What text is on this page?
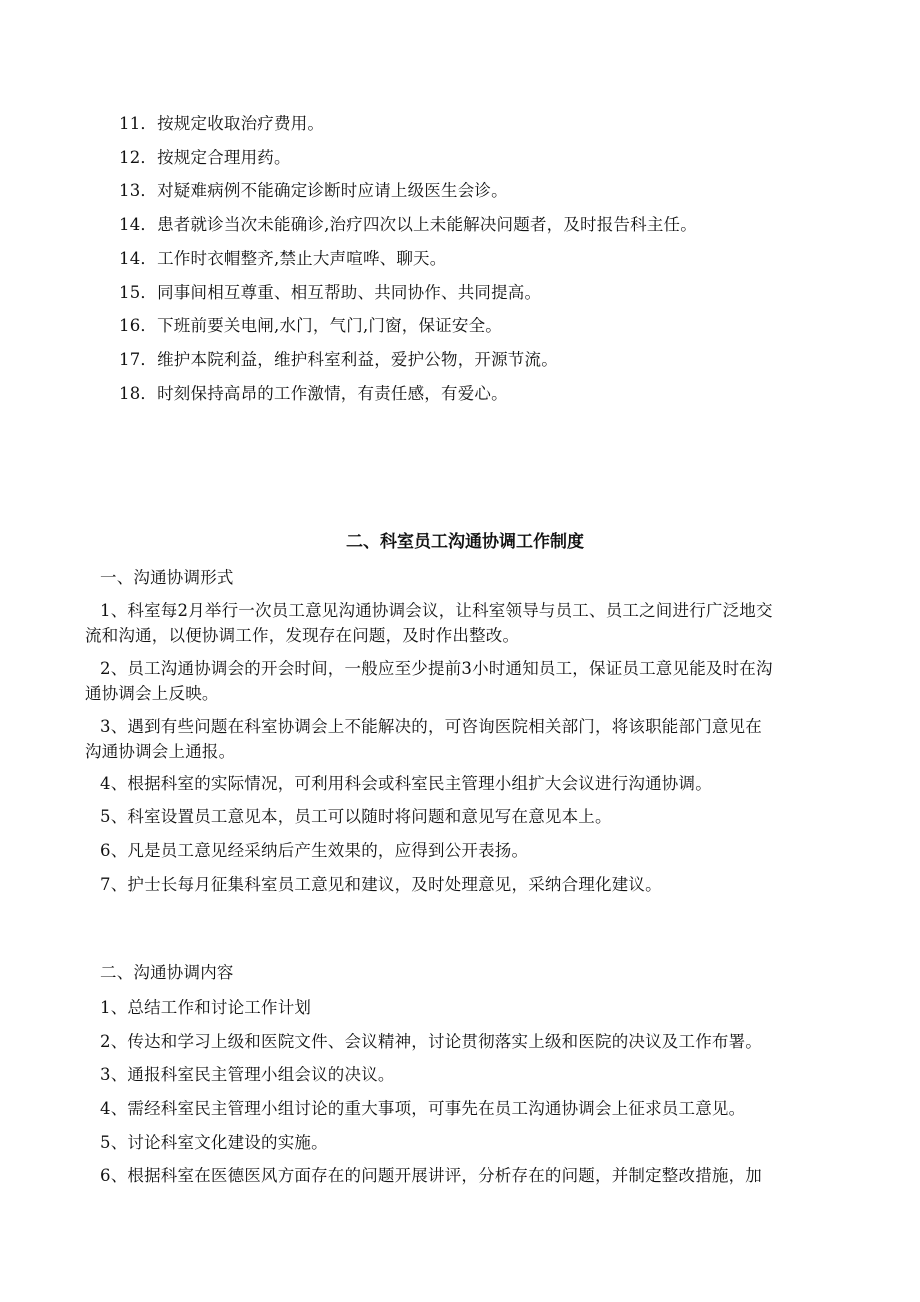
11．按规定收取治疗费用。
12．按规定合理用药。
13．对疑难病例不能确定诊断时应请上级医生会诊。
14．患者就诊当次未能确诊,治疗四次以上未能解决问题者，及时报告科主任。
14．工作时衣帽整齐,禁止大声喧哗、聊天。
15．同事间相互尊重、相互帮助、共同协作、共同提高。
16．下班前要关电闸,水门，气门,门窗，保证安全。
17．维护本院利益，维护科室利益，爱护公物，开源节流。
18．时刻保持高昂的工作激情，有责任感，有爱心。
二、科室员工沟通协调工作制度
一、沟通协调形式
1、科室每2月举行一次员工意见沟通协调会议，让科室领导与员工、员工之间进行广泛地交
流和沟通，以便协调工作，发现存在问题，及时作出整改。
2、员工沟通协调会的开会时间，一般应至少提前3小时通知员工，保证员工意见能及时在沟
通协调会上反映。
3、遇到有些问题在科室协调会上不能解决的，可咨询医院相关部门，将该职能部门意见在
沟通协调会上通报。
4、根据科室的实际情况，可利用科会或科室民主管理小组扩大会议进行沟通协调。
5、科室设置员工意见本，员工可以随时将问题和意见写在意见本上。
6、凡是员工意见经采纳后产生效果的，应得到公开表扬。
7、护士长每月征集科室员工意见和建议，及时处理意见，采纳合理化建议。
二、沟通协调内容
1、总结工作和讨论工作计划
2、传达和学习上级和医院文件、会议精神，讨论贯彻落实上级和医院的决议及工作布署。
3、通报科室民主管理小组会议的决议。
4、需经科室民主管理小组讨论的重大事项，可事先在员工沟通协调会上征求员工意见。
5、讨论科室文化建设的实施。
6、根据科室在医德医风方面存在的问题开展讲评，分析存在的问题，并制定整改措施，加
